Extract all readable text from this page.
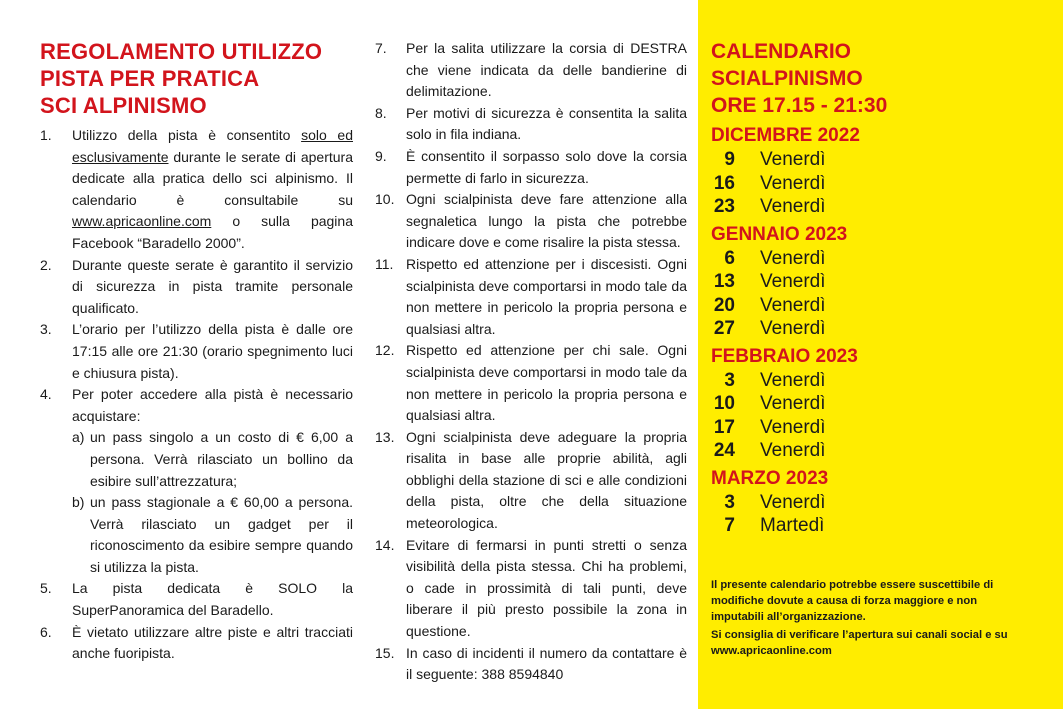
REGOLAMENTO UTILIZZO
PISTA PER PRATICA
SCI ALPINISMO
1. Utilizzo della pista è consentito solo ed esclusivamente durante le serate di apertura dedicate alla pratica dello sci alpinismo. Il calendario è consultabile su www.apricaonline.com o sulla pagina Facebook “Baradello 2000”.
2. Durante queste serate è garantito il servizio di sicurezza in pista tramite personale qualificato.
3. L’orario per l’utilizzo della pista è dalle ore 17:15 alle ore 21:30 (orario spegnimento luci e chiusura pista).
4. Per poter accedere alla pistà è necessario acquistare:
a) un pass singolo a un costo di € 6,00 a persona. Verrà rilasciato un bollino da esibire sull’attrezzatura;
b) un pass stagionale a € 60,00 a persona. Verrà rilasciato un gadget per il riconoscimento da esibire sempre quando si utilizza la pista.
5. La pista dedicata è SOLO la SuperPanoramica del Baradello.
6. È vietato utilizzare altre piste e altri tracciati anche fuoripista.
7. Per la salita utilizzare la corsia di DESTRA che viene indicata da delle bandierine di delimitazione.
8. Per motivi di sicurezza è consentita la salita solo in fila indiana.
9. È consentito il sorpasso solo dove la corsia permette di farlo in sicurezza.
10. Ogni scialpinista deve fare attenzione alla segnaletica lungo la pista che potrebbe indicare dove e come risalire la pista stessa.
11. Rispetto ed attenzione per i discesisti. Ogni scialpinista deve comportarsi in modo tale da non mettere in pericolo la propria persona e qualsiasi altra.
12. Rispetto ed attenzione per chi sale. Ogni scialpinista deve comportarsi in modo tale da non mettere in pericolo la propria persona e qualsiasi altra.
13. Ogni scialpinista deve adeguare la propria risalita in base alle proprie abilità, agli obblighi della stazione di sci e alle condizioni della pista, oltre che della situazione meteorologica.
14. Evitare di fermarsi in punti stretti o senza visibilità della pista stessa. Chi ha problemi, o cade in prossimità di tali punti, deve liberare il più presto possibile la zona in questione.
15. In caso di incidenti il numero da contattare è il seguente: 388 8594840
CALENDARIO
SCIALPINISMO
ORE 17.15 - 21:30
DICEMBRE 2022
9 Venerdì
16 Venerdì
23 Venerdì
GENNAIO 2023
6 Venerdì
13 Venerdì
20 Venerdì
27 Venerdì
FEBBRAIO 2023
3 Venerdì
10 Venerdì
17 Venerdì
24 Venerdì
MARZO 2023
3 Venerdì
7 Martedì

Il presente calendario potrebbe essere suscettibile di modifiche dovute a causa di forza maggiore e non imputabili all’organizzazione.

Si consiglia di verificare l’apertura sui canali social e su www.apricaonline.com
